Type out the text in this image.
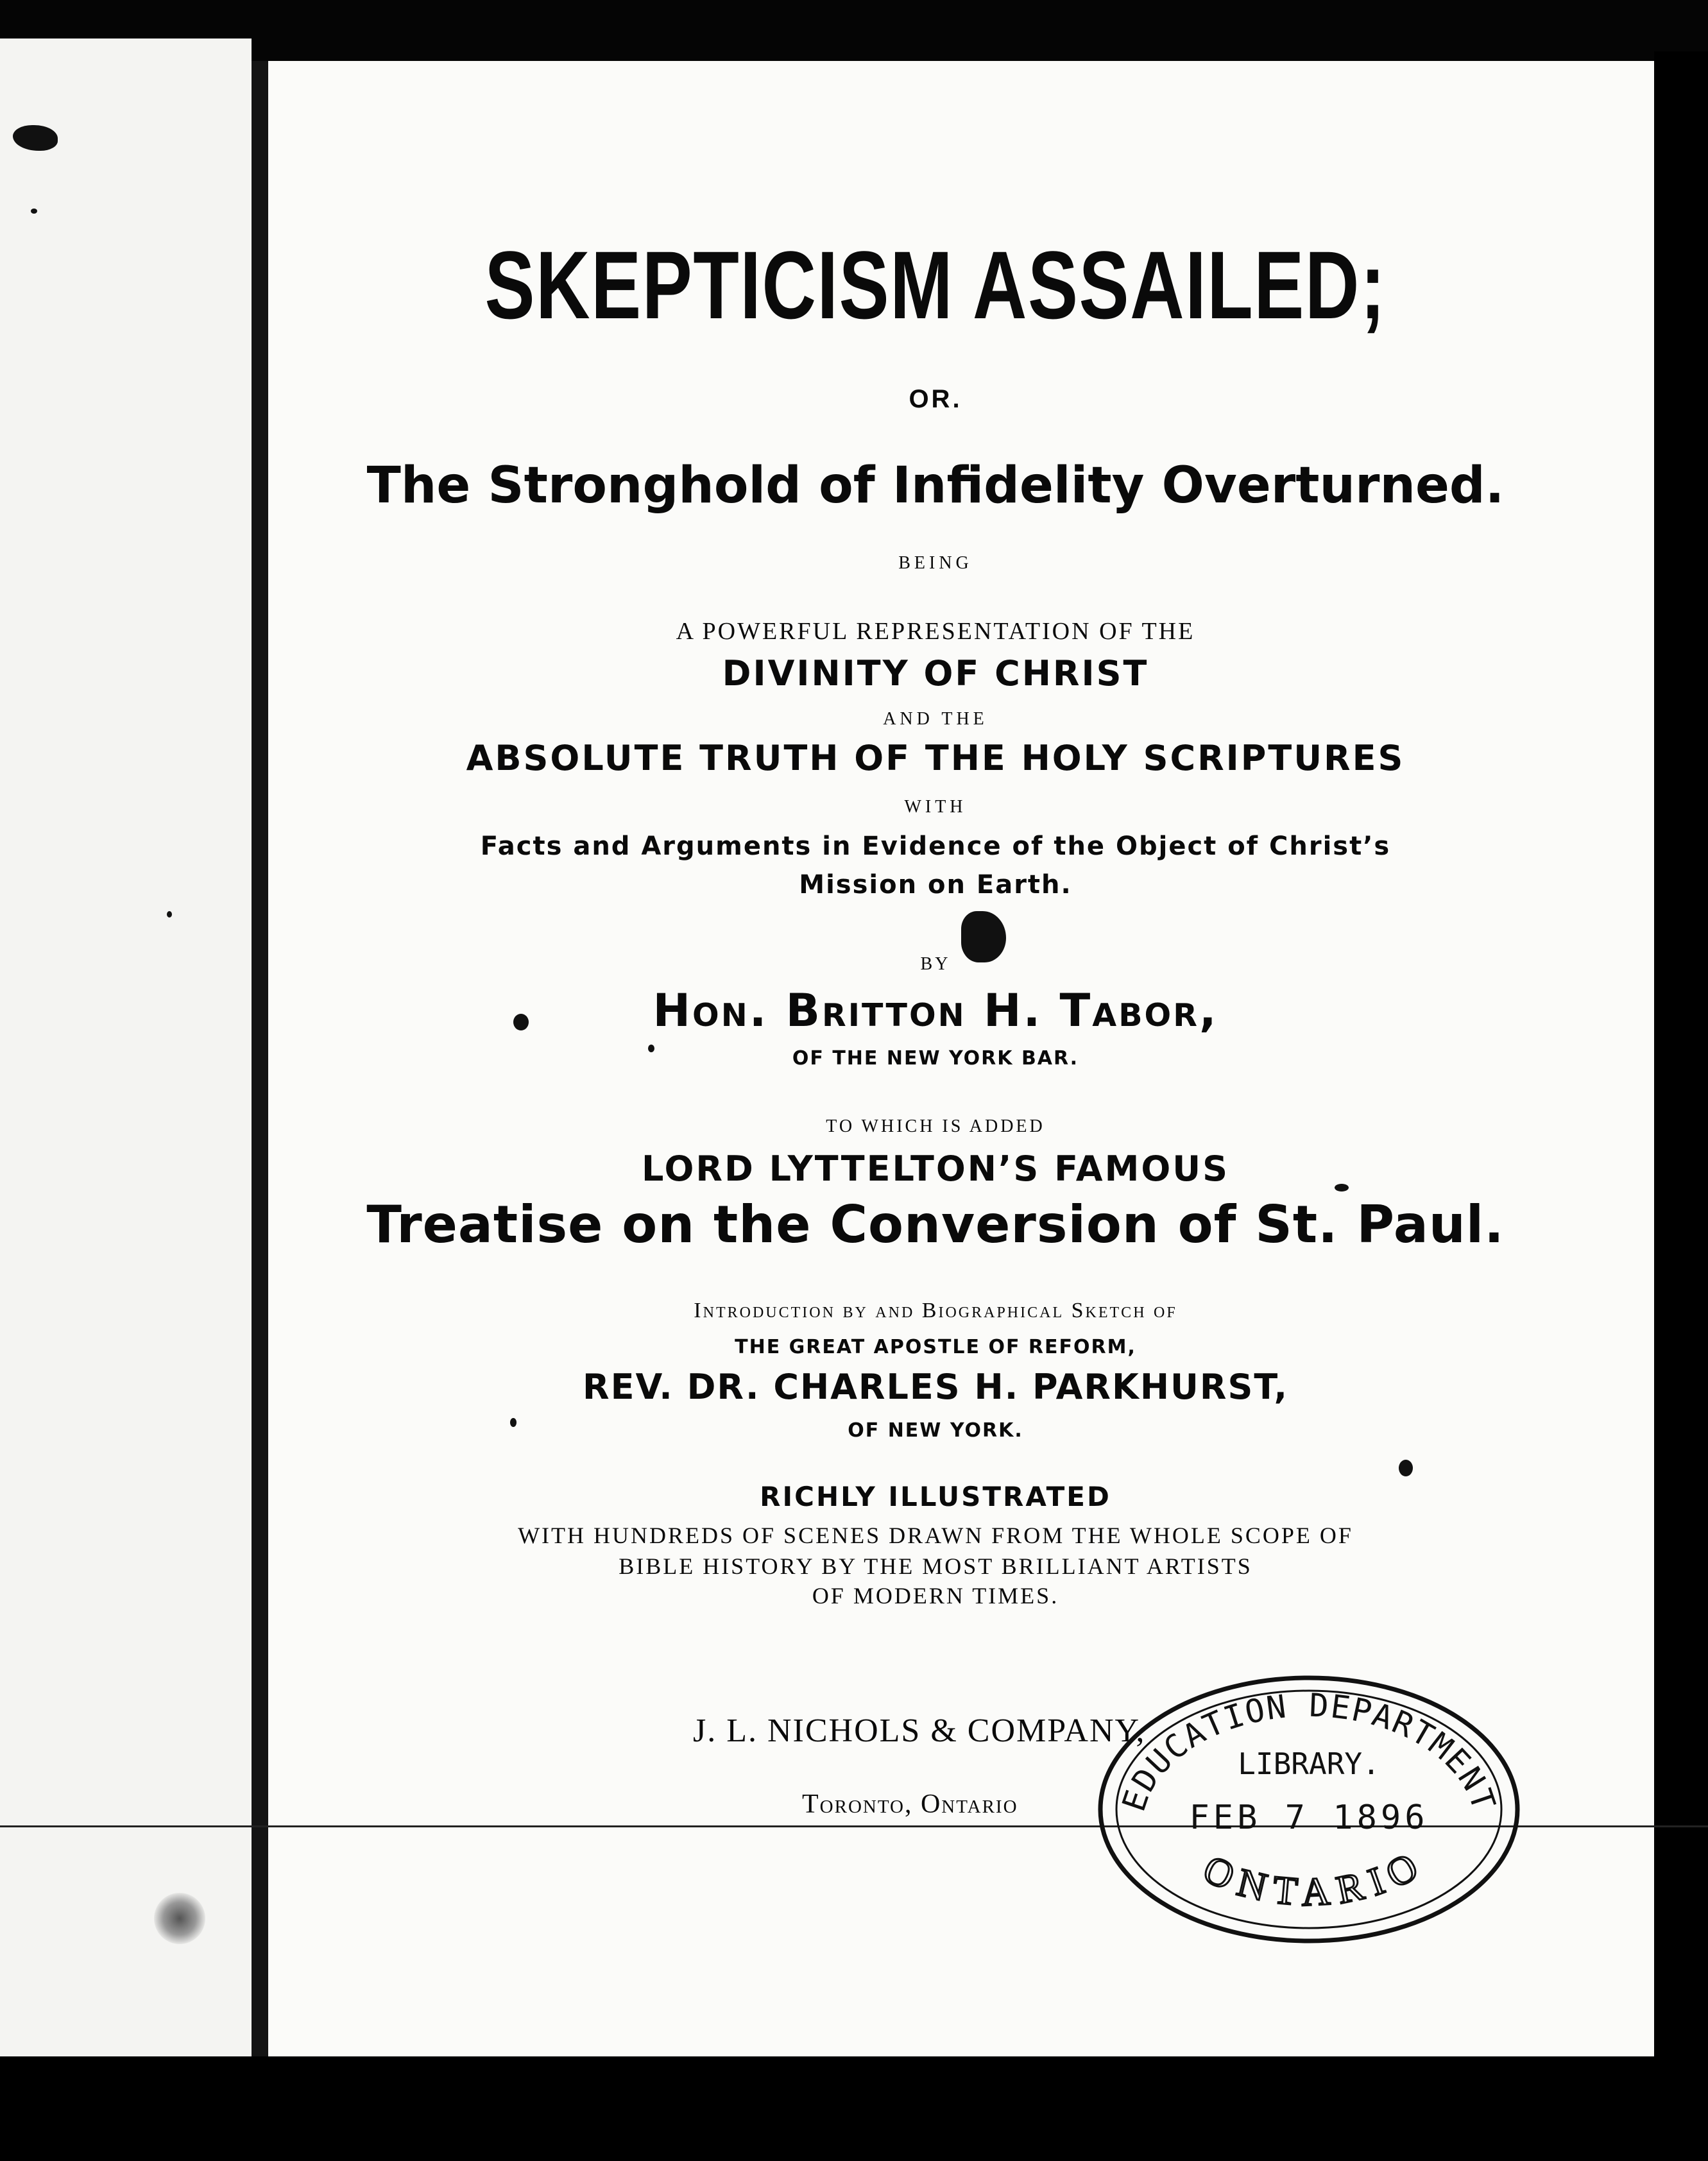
SKEPTICISM ASSAILED;
OR.
The Stronghold of Infidelity Overturned.
BEING
A POWERFUL REPRESENTATION OF THE
DIVINITY OF CHRIST
AND THE
ABSOLUTE TRUTH OF THE HOLY SCRIPTURES
WITH
Facts and Arguments in Evidence of the Object of Christ’s
Mission on Earth.
BY
Hon. Britton H. Tabor,
OF THE NEW YORK BAR.
TO WHICH IS ADDED
LORD LYTTELTON’S FAMOUS
Treatise on the Conversion of St. Paul.
Introduction by and Biographical Sketch of
THE GREAT APOSTLE OF REFORM,
REV. DR. CHARLES H. PARKHURST,
OF NEW YORK.
RICHLY ILLUSTRATED
WITH HUNDREDS OF SCENES DRAWN FROM THE WHOLE SCOPE OF
BIBLE HISTORY BY THE MOST BRILLIANT ARTISTS
OF MODERN TIMES.
J. L. NICHOLS & COMPANY,
Toronto, Ontario	EDUCATION DEPARTMENT
LIBRARY.
FEB 7 1896
ONTARIO
